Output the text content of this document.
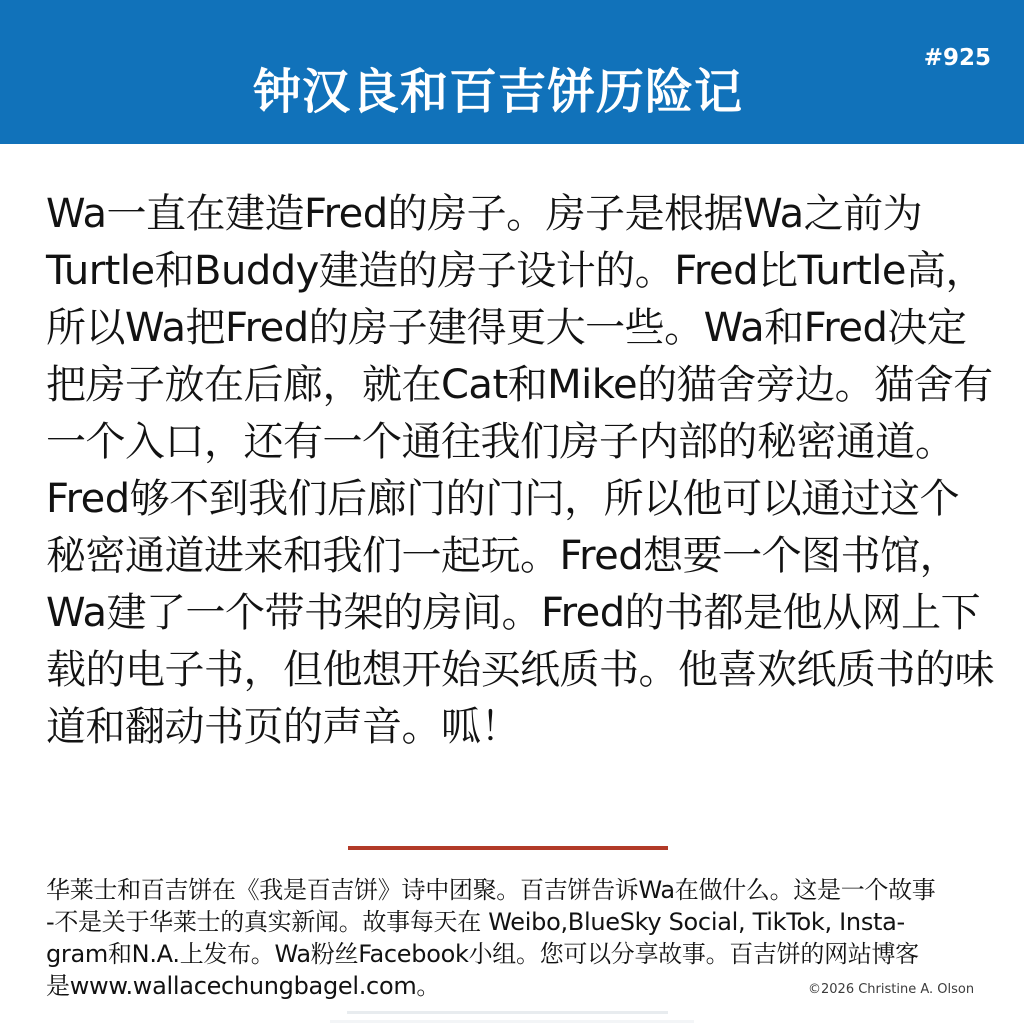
钟汉良和百吉饼历险记
#925
Wa一直在建造Fred的房子。房子是根据Wa之前为
Turtle和Buddy建造的房子设计的。Fred比Turtle高，
所以Wa把Fred的房子建得更大一些。Wa和Fred决定
把房子放在后廊，就在Cat和Mike的猫舍旁边。猫舍有
一个入口，还有一个通往我们房子内部的秘密通道。
Fred够不到我们后廊门的门闩，所以他可以通过这个
秘密通道进来和我们一起玩。Fred想要一个图书馆，
Wa建了一个带书架的房间。Fred的书都是他从网上下
载的电子书，但他想开始买纸质书。他喜欢纸质书的味
道和翻动书页的声音。呱！
华莱士和百吉饼在《我是百吉饼》诗中团聚。百吉饼告诉Wa在做什么。这是一个故事
-不是关于华莱士的真实新闻。故事每天在 Weibo,BlueSky Social, TikTok, Insta-
gram和N.A.上发布。Wa粉丝Facebook小组。您可以分享故事。百吉饼的网站博客
是www.wallacechungbagel.com。	©2026 Christine A. Olson
